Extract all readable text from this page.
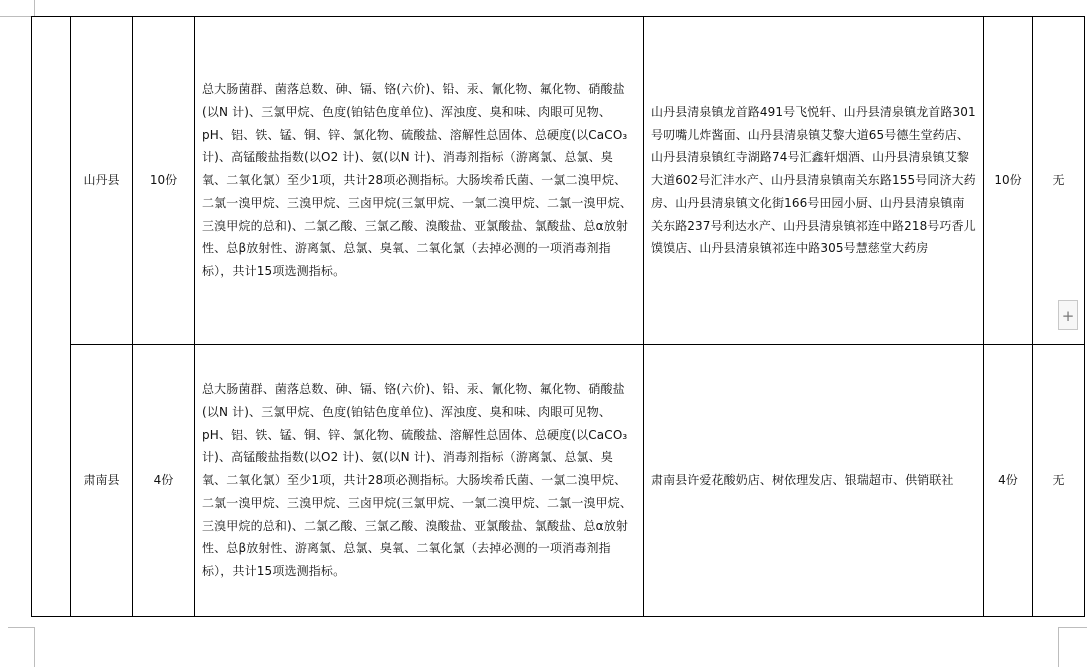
	山丹县	10份	总大肠菌群、菌落总数、砷、镉、铬(六价)、铅、汞、氰化物、氟化物、硝酸盐(以N 计)、三氯甲烷、色度(铂钴色度单位)、浑浊度、臭和味、肉眼可见物、pH、铝、铁、锰、铜、锌、氯化物、硫酸盐、溶解性总固体、总硬度(以CaCO₃ 计)、高锰酸盐指数(以O2 计)、氨(以N 计)、消毒剂指标（游离氯、总氯、臭氧、二氧化氯）至少1项，共计28项必测指标。大肠埃希氏菌、一氯二溴甲烷、二氯一溴甲烷、三溴甲烷、三卤甲烷(三氯甲烷、一氯二溴甲烷、二氯一溴甲烷、三溴甲烷的总和)、二氯乙酸、三氯乙酸、溴酸盐、亚氯酸盐、氯酸盐、总α放射性、总β放射性、游离氯、总氯、臭氧、二氧化氯（去掉必测的一项消毒剂指标），共计15项选测指标。	山丹县清泉镇龙首路491号飞悦轩、山丹县清泉镇龙首路301号叨嘴儿炸酱面、山丹县清泉镇艾黎大道65号德生堂药店、山丹县清泉镇红寺湖路74号汇鑫轩烟酒、山丹县清泉镇艾黎大道602号汇沣水产、山丹县清泉镇南关东路155号同济大药房、山丹县清泉镇文化街166号田园小厨、山丹县清泉镇南关东路237号利达水产、山丹县清泉镇祁连中路218号巧香儿馍馍店、山丹县清泉镇祁连中路305号慧慈堂大药房	10份	无
	肃南县	4份	总大肠菌群、菌落总数、砷、镉、铬(六价)、铅、汞、氰化物、氟化物、硝酸盐(以N 计)、三氯甲烷、色度(铂钴色度单位)、浑浊度、臭和味、肉眼可见物、pH、铝、铁、锰、铜、锌、氯化物、硫酸盐、溶解性总固体、总硬度(以CaCO₃ 计)、高锰酸盐指数(以O2 计)、氨(以N 计)、消毒剂指标（游离氯、总氯、臭氧、二氧化氯）至少1项，共计28项必测指标。大肠埃希氏菌、一氯二溴甲烷、二氯一溴甲烷、三溴甲烷、三卤甲烷(三氯甲烷、一氯二溴甲烷、二氯一溴甲烷、三溴甲烷的总和)、二氯乙酸、三氯乙酸、溴酸盐、亚氯酸盐、氯酸盐、总α放射性、总β放射性、游离氯、总氯、臭氧、二氧化氯（去掉必测的一项消毒剂指标），共计15项选测指标。	肃南县许爱花酸奶店、树依理发店、银瑞超市、供销联社	4份	无
+
